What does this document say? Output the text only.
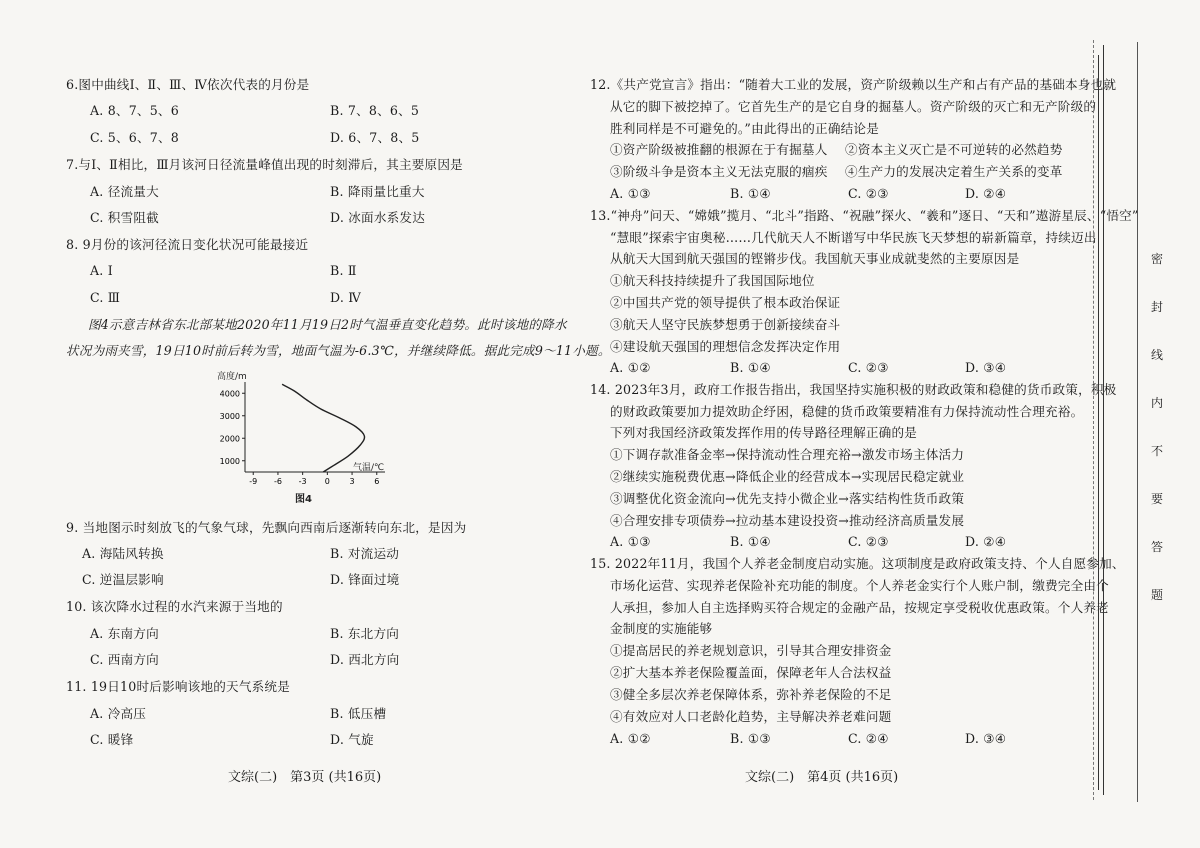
6.图中曲线Ⅰ、Ⅱ、Ⅲ、Ⅳ依次代表的月份是
A. 8、7、5、6	B. 7、8、6、5
C. 5、6、7、8	D. 6、7、8、5
7.与Ⅰ、Ⅱ相比，Ⅲ月该河日径流量峰值出现的时刻滞后，其主要原因是
A. 径流量大	B. 降雨量比重大
C. 积雪阻截	D. 冰面水系发达
8. 9月份的该河径流日变化状况可能最接近
A. Ⅰ	B. Ⅱ
C. Ⅲ	D. Ⅳ
图4示意吉林省东北部某地2020年11月19日2时气温垂直变化趋势。此时该地的降水
状况为雨夹雪，19日10时前后转为雪，地面气温为-6.3℃，并继续降低。据此完成9～11小题。
高度/m
气温/℃
图4
1000
2000
3000
4000
-9 -6 -3 0 3 6
9. 当地图示时刻放飞的气象气球，先飘向西南后逐渐转向东北，是因为
A. 海陆风转换	B. 对流运动
C. 逆温层影响	D. 锋面过境
10. 该次降水过程的水汽来源于当地的
A. 东南方向	B. 东北方向
C. 西南方向	D. 西北方向
11. 19日10时后影响该地的天气系统是
A. 冷高压	B. 低压槽
C. 暖锋	D. 气旋
文综(二)　第3页 (共16页)
12.《共产党宣言》指出：“随着大工业的发展，资产阶级赖以生产和占有产品的基础本身也就
从它的脚下被挖掉了。它首先生产的是它自身的掘墓人。资产阶级的灭亡和无产阶级的
胜利同样是不可避免的。”由此得出的正确结论是
①资产阶级被推翻的根源在于有掘墓人 ②资本主义灭亡是不可逆转的必然趋势
③阶级斗争是资本主义无法克服的痼疾 ④生产力的发展决定着生产关系的变革
A. ①③	B. ①④	C. ②③	D. ②④
13.“神舟”问天、“嫦娥”揽月、“北斗”指路、“祝融”探火、“羲和”逐日、“天和”遨游星辰、“悟空”
“慧眼”探索宇宙奥秘……几代航天人不断谱写中华民族飞天梦想的崭新篇章，持续迈出
从航天大国到航天强国的铿锵步伐。我国航天事业成就斐然的主要原因是
①航天科技持续提升了我国国际地位
②中国共产党的领导提供了根本政治保证
③航天人坚守民族梦想勇于创新接续奋斗
④建设航天强国的理想信念发挥决定作用
A. ①②	B. ①④	C. ②③	D. ③④
14. 2023年3月，政府工作报告指出，我国坚持实施积极的财政政策和稳健的货币政策，积极
的财政政策要加力提效助企纾困，稳健的货币政策要精准有力保持流动性合理充裕。
下列对我国经济政策发挥作用的传导路径理解正确的是
①下调存款准备金率→保持流动性合理充裕→激发市场主体活力
②继续实施税费优惠→降低企业的经营成本→实现居民稳定就业
③调整优化资金流向→优先支持小微企业→落实结构性货币政策
④合理安排专项债券→拉动基本建设投资→推动经济高质量发展
A. ①③	B. ①④	C. ②③	D. ②④
15. 2022年11月，我国个人养老金制度启动实施。这项制度是政府政策支持、个人自愿参加、
市场化运营、实现养老保险补充功能的制度。个人养老金实行个人账户制，缴费完全由个
人承担，参加人自主选择购买符合规定的金融产品，按规定享受税收优惠政策。个人养老
金制度的实施能够
①提高居民的养老规划意识，引导其合理安排资金
②扩大基本养老保险覆盖面，保障老年人合法权益
③健全多层次养老保障体系，弥补养老保险的不足
④有效应对人口老龄化趋势，主导解决养老难问题
A. ①②	B. ①③	C. ②④	D. ③④
文综(二)　第4页 (共16页)
密
封
线
内
不
要
答
题
